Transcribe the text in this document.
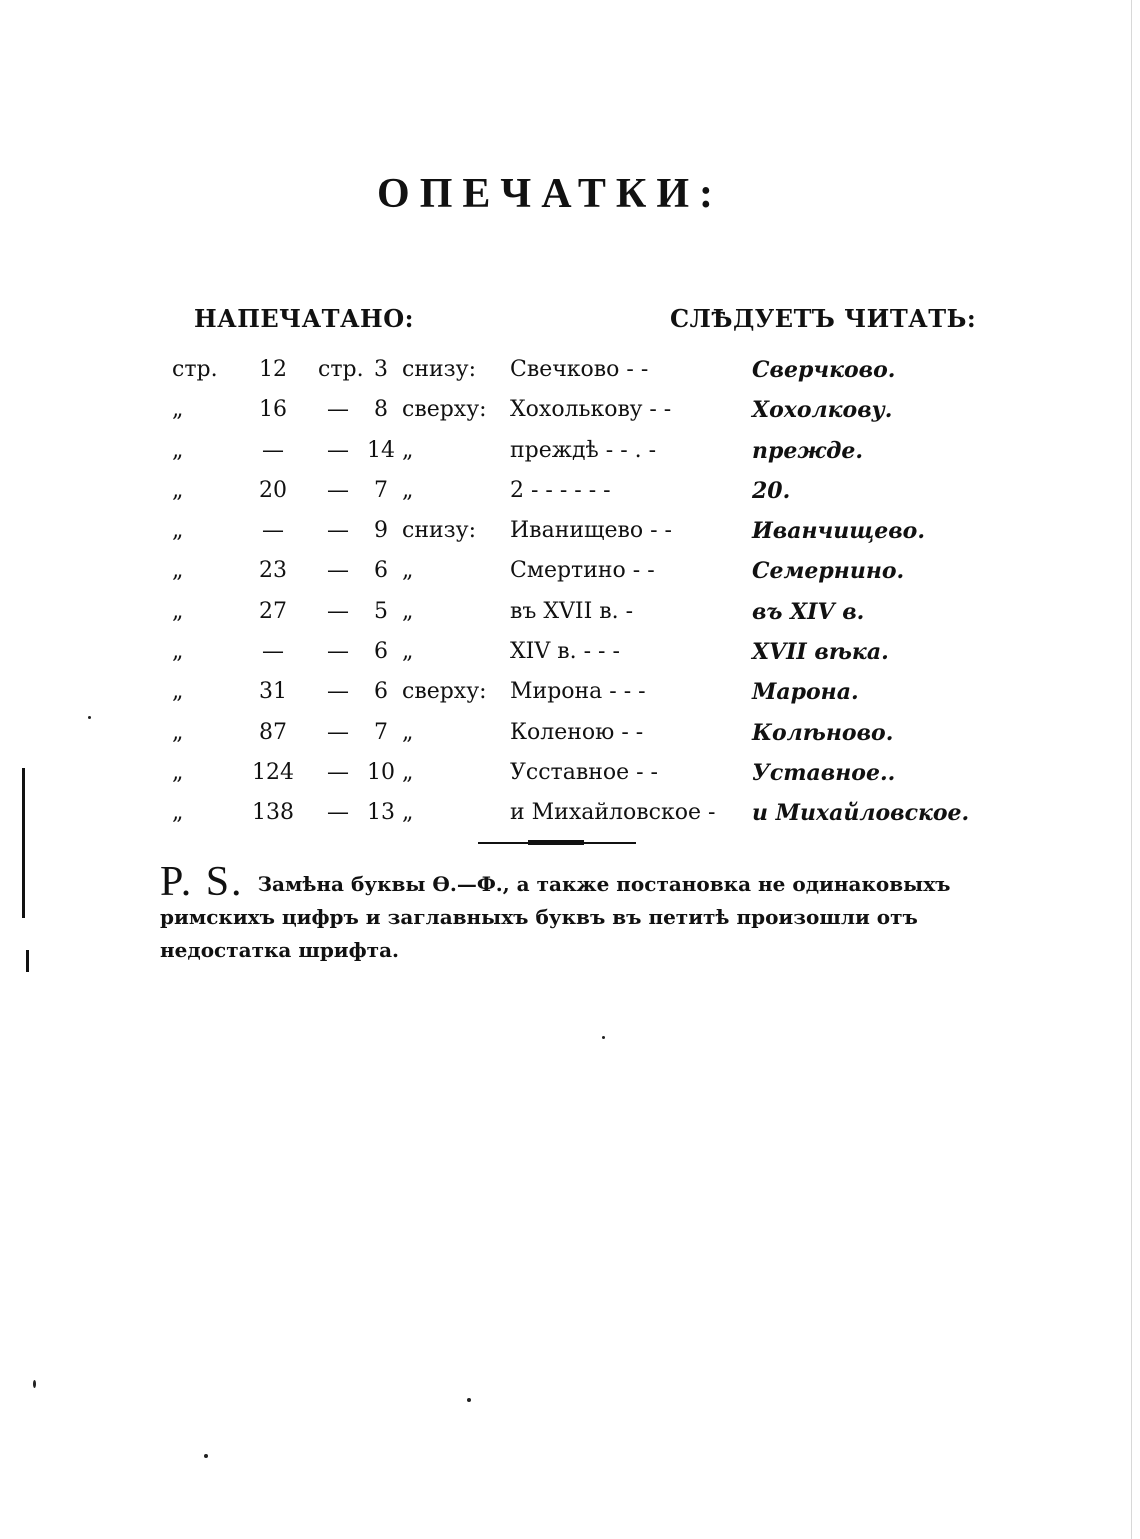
ОПЕЧАТКИ:
НАПЕЧАТАНО:	СЛѢДУЕТЪ ЧИТАТЬ:
стр.	12	стр. 3 снизу:	Свечково - -	Сверчково.
„	16	—	8 сверху: Хохольковy - -	Хохолкову.
„	—	— 14 „	преждѣ - - . -	прежде.
„	20	—	7 „	2 - - - - - -	20.
„	—	—	9 снизу:	Иванищево - -	Иванчищево.
„	23	—	6 „	Смертино - -	Семернино.
„	27	—	5 „	въ XVII в. -	въ XIV в.
„	—	—	6 „	XIV в. - - -	XVII вѣка.
„	31	—	6 сверху: Мирона - - -	Марона.
„	87	—	7 „	Коленою - -	Колѣново.
„	124	— 10 „	Усставное - -	Уставное..
„	138	— 13 „	и Михайловское -	и Михайловское.
P. S. Замѣна буквы Ѳ.—Ф., а также постановка не одинаковыхъ римскихъ цифръ и заглавныхъ буквъ въ петитѣ произошли отъ недостатка шрифта.
